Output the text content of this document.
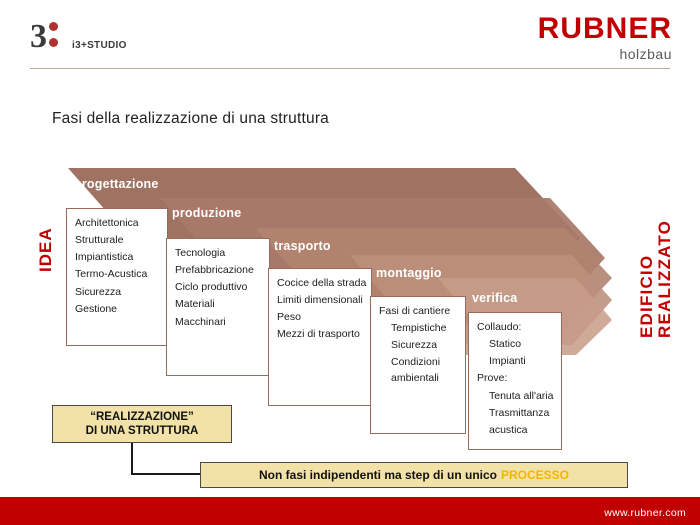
3	i3+STUDIO
RUBNER
holzbau
Fasi della realizzazione di una struttura
IDEA
EDIFICIO REALIZZATO
progettazione
produzione
trasporto
montaggio
verifica
Architettonica
Strutturale
Impiantistica
Termo-Acustica
Sicurezza
Gestione
Tecnologia
Prefabbricazione
Ciclo produttivo
Materiali
Macchinari
Cocice della strada
Limiti dimensionali
Peso
Mezzi di trasporto
Fasi di cantiere
Tempistiche
Sicurezza
Condizioni
ambientali
Collaudo:
Statico
Impianti
Prove:
Tenuta all'aria
Trasmittanza
acustica
“REALIZZAZIONE”
DI UNA STRUTTURA
Non fasi indipendenti ma step di un unico PROCESSO
www.rubner.com
